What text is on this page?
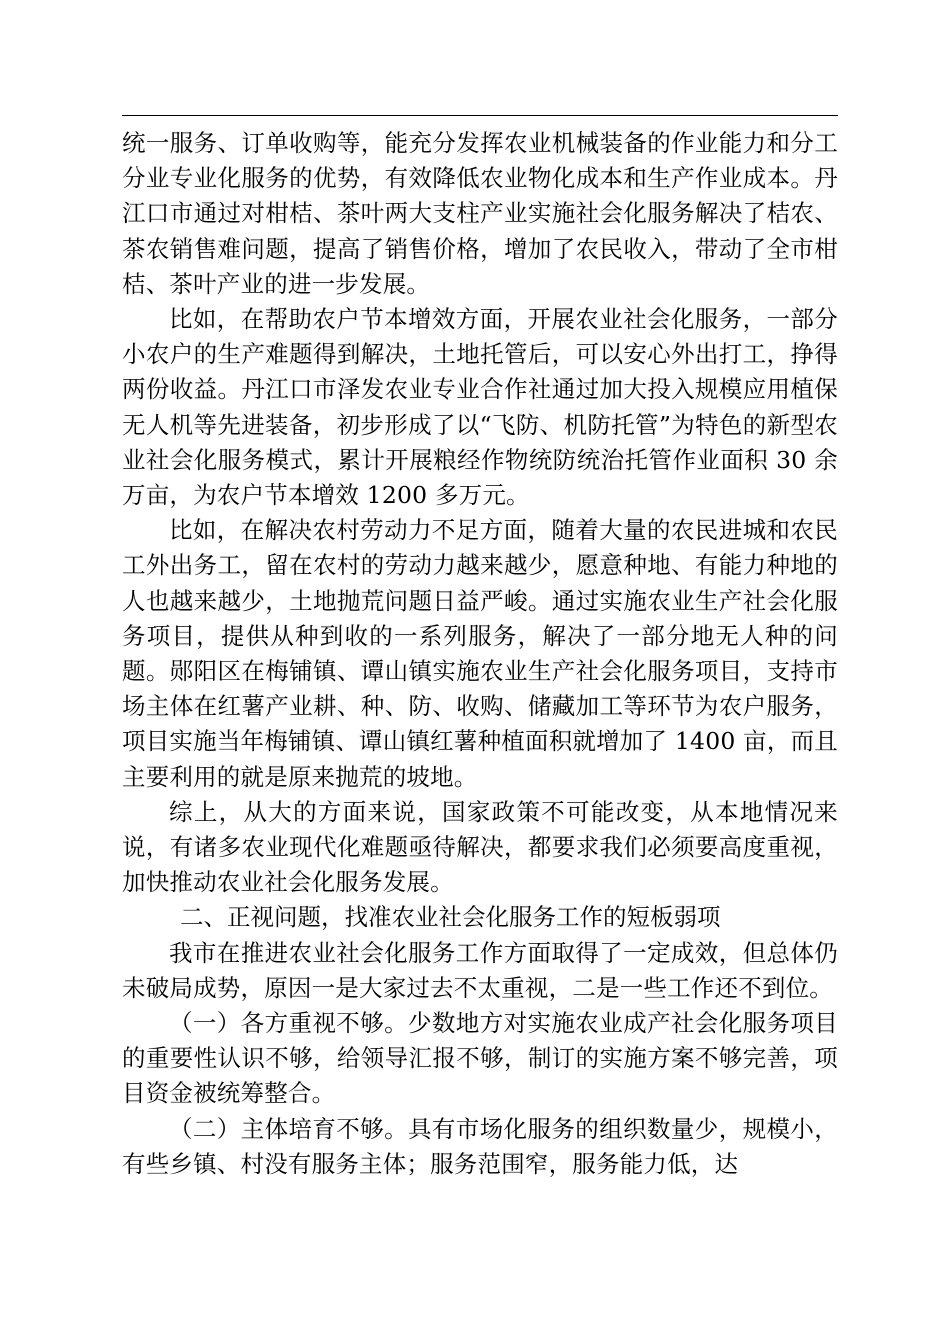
统一服务、订单收购等，能充分发挥农业机械装备的作业能力和分工分业专业化服务的优势，有效降低农业物化成本和生产作业成本。丹江口市通过对柑桔、茶叶两大支柱产业实施社会化服务解决了桔农、茶农销售难问题，提高了销售价格，增加了农民收入，带动了全市柑桔、茶叶产业的进一步发展。

比如，在帮助农户节本增效方面，开展农业社会化服务，一部分小农户的生产难题得到解决，土地托管后，可以安心外出打工，挣得两份收益。丹江口市泽发农业专业合作社通过加大投入规模应用植保无人机等先进装备，初步形成了以“飞防、机防托管”为特色的新型农业社会化服务模式，累计开展粮经作物统防统治托管作业面积 30 余万亩，为农户节本增效 1200 多万元。

比如，在解决农村劳动力不足方面，随着大量的农民进城和农民工外出务工，留在农村的劳动力越来越少，愿意种地、有能力种地的人也越来越少，土地抛荒问题日益严峻。通过实施农业生产社会化服务项目，提供从种到收的一系列服务，解决了一部分地无人种的问题。郧阳区在梅铺镇、谭山镇实施农业生产社会化服务项目，支持市场主体在红薯产业耕、种、防、收购、储藏加工等环节为农户服务，项目实施当年梅铺镇、谭山镇红薯种植面积就增加了 1400 亩，而且主要利用的就是原来抛荒的坡地。

综上，从大的方面来说，国家政策不可能改变，从本地情况来说，有诸多农业现代化难题亟待解决，都要求我们必须要高度重视，加快推动农业社会化服务发展。

二、正视问题，找准农业社会化服务工作的短板弱项

我市在推进农业社会化服务工作方面取得了一定成效，但总体仍未破局成势，原因一是大家过去不太重视，二是一些工作还不到位。

（一）各方重视不够。少数地方对实施农业成产社会化服务项目的重要性认识不够，给领导汇报不够，制订的实施方案不够完善，项目资金被统筹整合。

（二）主体培育不够。具有市场化服务的组织数量少，规模小，有些乡镇、村没有服务主体；服务范围窄，服务能力低，达
